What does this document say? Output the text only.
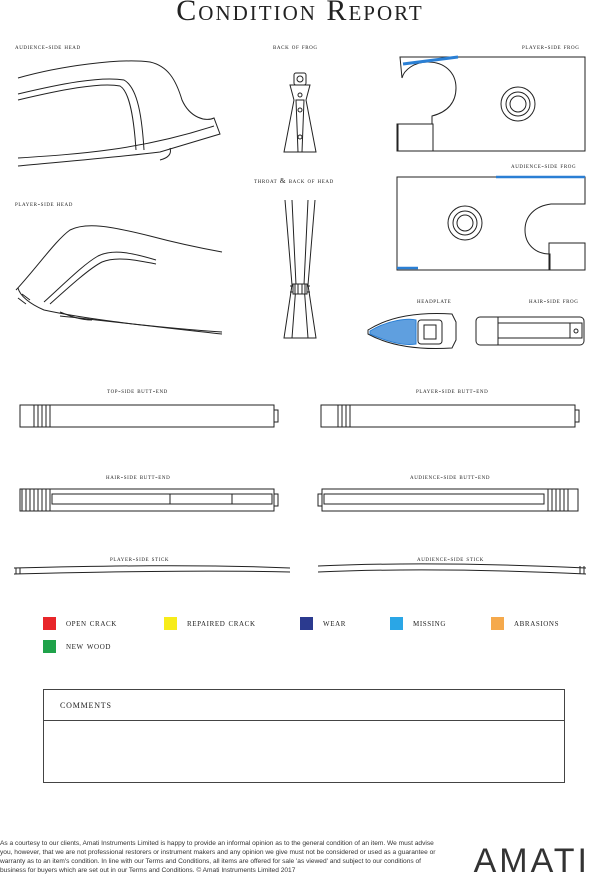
Condition Report
audience-side head	back of frog	player-side frog
audience-side frog
throat & back of head
player-side head
headplate	hair-side frog
top-side butt-end	player-side butt-end
hair-side butt-end	audience-side butt-end
player-side stick	audience-side stick
open crack	repaired crack	wear	missing	abrasions
new wood
comments
As a courtesy to our clients, Amati Instruments Limited is happy to provide an informal opinion as to the general condition of an item. We must advise you, however, that we are not professional restorers or instrument makers and any opinion we give must not be considered or used as a guarantee or warranty as to an item's condition. In line with our Terms and Conditions, all items are offered for sale 'as viewed' and subject to our conditions of business for buyers which are set out in our Terms and Conditions. © Amati Instruments Limited 2017	AMATI
